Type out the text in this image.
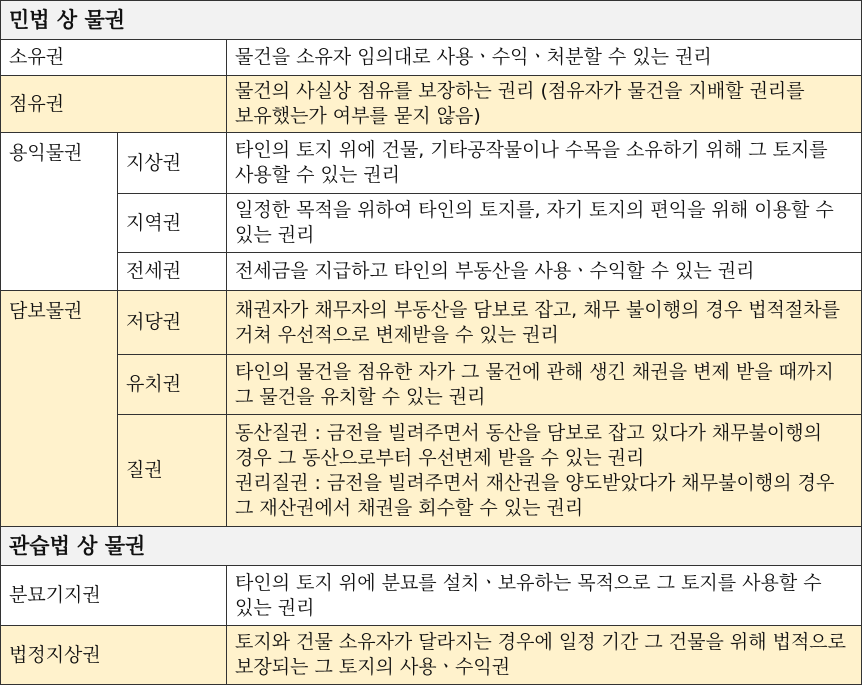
민법 상 물권		
소유권		물건을 소유자 임의대로 사용ㆍ수익ㆍ처분할 수 있는 권리
점유권		물건의 사실상 점유를 보장하는 권리 (점유자가 물건을 지배할 권리를 보유했는가 여부를 묻지 않음)
용익물권	지상권	타인의 토지 위에 건물, 기타공작물이나 수목을 소유하기 위해 그 토지를 사용할 수 있는 권리
	지역권	일정한 목적을 위하여 타인의 토지를, 자기 토지의 편익을 위해 이용할 수 있는 권리
	전세권	전세금을 지급하고 타인의 부동산을 사용ㆍ수익할 수 있는 권리
담보물권	저당권	채권자가 채무자의 부동산을 담보로 잡고, 채무 불이행의 경우 법적절차를 거쳐 우선적으로 변제받을 수 있는 권리
	유치권	타인의 물건을 점유한 자가 그 물건에 관해 생긴 채권을 변제 받을 때까지 그 물건을 유치할 수 있는 권리
	질권	동산질권 : 금전을 빌려주면서 동산을 담보로 잡고 있다가 채무불이행의 경우 그 동산으로부터 우선변제 받을 수 있는 권리
권리질권 : 금전을 빌려주면서 재산권을 양도받았다가 채무불이행의 경우 그 재산권에서 채권을 회수할 수 있는 권리

관습법 상 물권		
분묘기지권		타인의 토지 위에 분묘를 설치ㆍ보유하는 목적으로 그 토지를 사용할 수 있는 권리
법정지상권		토지와 건물 소유자가 달라지는 경우에 일정 기간 그 건물을 위해 법적으로 보장되는 그 토지의 사용ㆍ수익권
